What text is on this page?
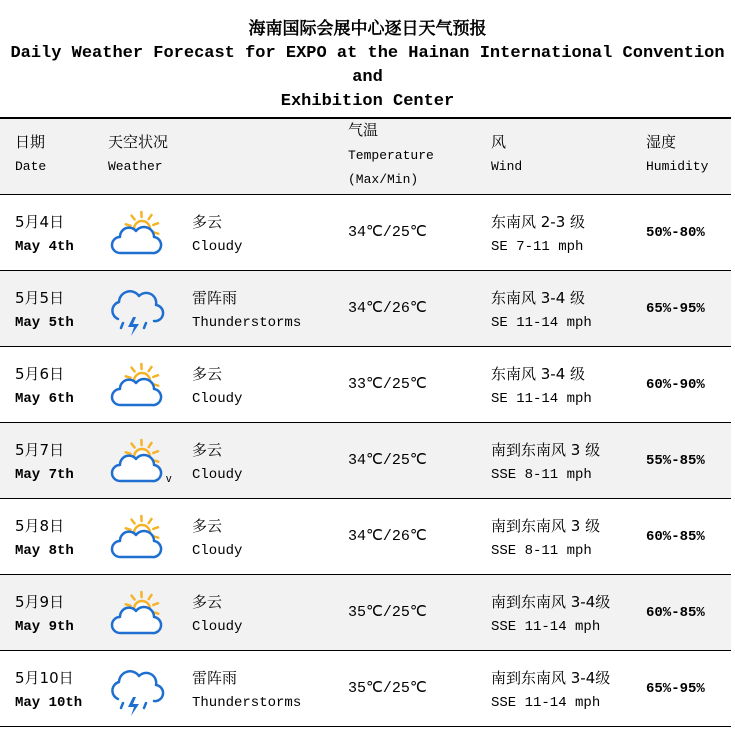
海南国际会展中心逐日天气预报
Daily Weather Forecast for EXPO at the Hainan International Convention and
Exhibition Center
日期
Date
天空状况
Weather
气温
Temperature
(Max/Min)
风
Wind
湿度
Humidity
5月4日
May 4th
多云
Cloudy
34℃/25℃
东南风 2-3 级
SE 7-11 mph
50%-80%
5月5日
May 5th
雷阵雨
Thunderstorms
34℃/26℃
东南风 3-4 级
SE 11-14 mph
65%-95%
5月6日
May 6th
多云
Cloudy
33℃/25℃
东南风 3-4 级
SE 11-14 mph
60%-90%
5月7日
May 7th	v
多云
Cloudy
34℃/25℃
南到东南风 3 级
SSE 8-11 mph
55%-85%
5月8日
May 8th
多云
Cloudy
34℃/26℃
南到东南风 3 级
SSE 8-11 mph
60%-85%
5月9日
May 9th
多云
Cloudy
35℃/25℃
南到东南风 3-4级
SSE 11-14 mph
60%-85%
5月10日
May 10th
雷阵雨
Thunderstorms
35℃/25℃
南到东南风 3-4级
SSE 11-14 mph
65%-95%
